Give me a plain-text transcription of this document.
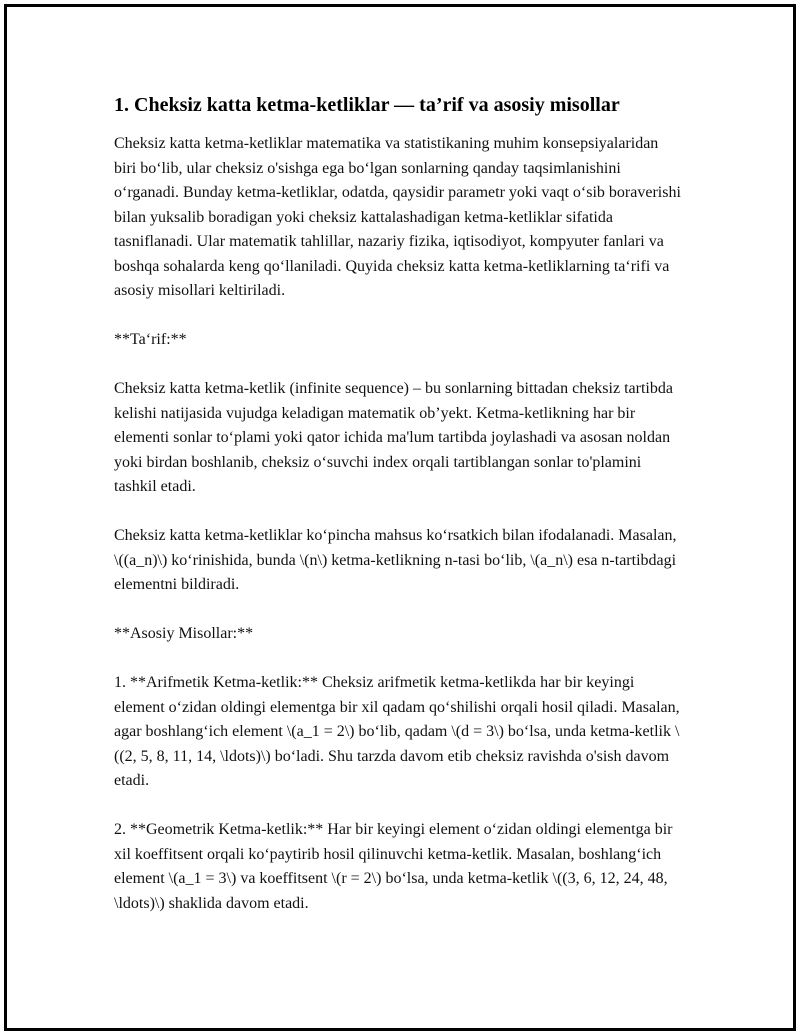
1. Cheksiz katta ketma-ketliklar — ta’rif va asosiy misollar

Cheksiz katta ketma-ketliklar matematika va statistikaning muhim konsepsiyalaridan biri bo‘lib, ular cheksiz o'sishga ega bo‘lgan sonlarning qanday taqsimlanishini o‘rganadi. Bunday ketma-ketliklar, odatda, qaysidir parametr yoki vaqt o‘sib boraverishi bilan yuksalib boradigan yoki cheksiz kattalashadigan ketma-ketliklar sifatida tasniflanadi. Ular matematik tahlillar, nazariy fizika, iqtisodiyot, kompyuter fanlari va boshqa sohalarda keng qo‘llaniladi. Quyida cheksiz katta ketma-ketliklarning ta‘rifi va asosiy misollari keltiriladi.

**Ta‘rif:**

Cheksiz katta ketma-ketlik (infinite sequence) – bu sonlarning bittadan cheksiz tartibda kelishi natijasida vujudga keladigan matematik ob’yekt. Ketma-ketlikning har bir elementi sonlar to‘plami yoki qator ichida ma'lum tartibda joylashadi va asosan noldan yoki birdan boshlanib, cheksiz o‘suvchi index orqali tartiblangan sonlar to'plamini tashkil etadi.

Cheksiz katta ketma-ketliklar ko‘pincha mahsus ko‘rsatkich bilan ifodalanadi. Masalan, \((a_n)\) ko‘rinishida, bunda \(n\) ketma-ketlikning n-tasi bo‘lib, \(a_n\) esa n-tartibdagi elementni bildiradi.

**Asosiy Misollar:**

1. **Arifmetik Ketma-ketlik:** Cheksiz arifmetik ketma-ketlikda har bir keyingi element o‘zidan oldingi elementga bir xil qadam qo‘shilishi orqali hosil qiladi. Masalan, agar boshlang‘ich element \(a_1 = 2\) bo‘lib, qadam \(d = 3\) bo‘lsa, unda ketma-ketlik \((2, 5, 8, 11, 14, \ldots)\) bo‘ladi. Shu tarzda davom etib cheksiz ravishda o'sish davom etadi.

2. **Geometrik Ketma-ketlik:** Har bir keyingi element o‘zidan oldingi elementga bir xil koeffitsent orqali ko‘paytirib hosil qilinuvchi ketma-ketlik. Masalan, boshlang‘ich element \(a_1 = 3\) va koeffitsent \(r = 2\) bo‘lsa, unda ketma-ketlik \((3, 6, 12, 24, 48, \ldots)\) shaklida davom etadi.
